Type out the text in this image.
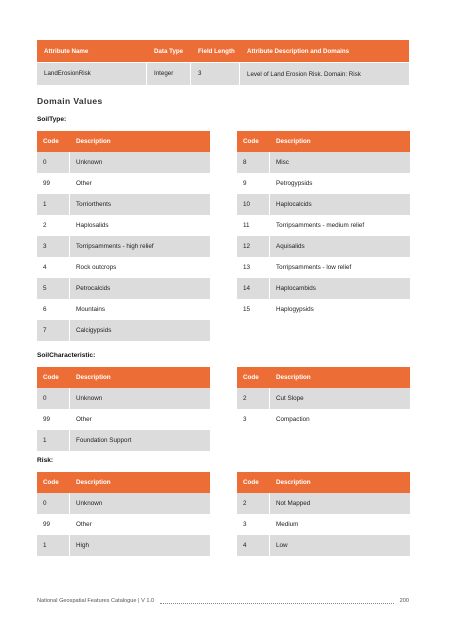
Attribute Name	Data Type	Field Length	Attribute Description and Domains
LandErosionRisk	Integer	3	Level of Land Erosion Risk. Domain: Risk
Domain Values
SoilType:
Code	Description
0	Unknown
99	Other
1	Torriorthents
2	Haplosalids
3	Torripsamments - high relief
4	Rock outcrops
5	Petrocalcids
6	Mountains
7	Calcigypsids
Code	Description
8	Misc
9	Petrogypsids
10	Haplocalcids
11	Torripsamments - medium relief
12	Aquisalids
13	Torripsamments - low relief
14	Haplocambids
15	Haplogypsids
SoilCharacteristic:
Code	Description
0	Unknown
99	Other
1	Foundation Support
Code	Description
2	Cut Slope
3	Compaction
Risk:
Code	Description
0	Unknown
99	Other
1	High
Code	Description
2	Not Mapped
3	Medium
4	Low
National Geospatial Features Catalogue | V 1.0	200
